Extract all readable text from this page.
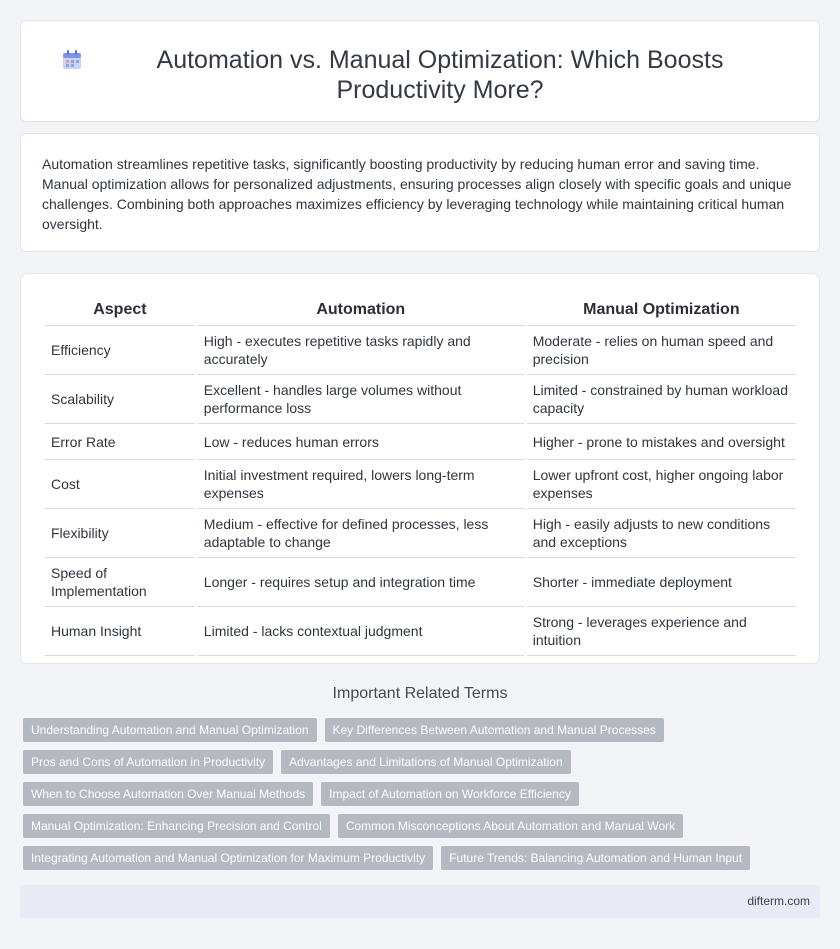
Automation vs. Manual Optimization: Which Boosts Productivity More?
Automation streamlines repetitive tasks, significantly boosting productivity by reducing human error and saving time. Manual optimization allows for personalized adjustments, ensuring processes align closely with specific goals and unique challenges. Combining both approaches maximizes efficiency by leveraging technology while maintaining critical human oversight.
Aspect	Automation	Manual Optimization
Efficiency	High - executes repetitive tasks rapidly and accurately	Moderate - relies on human speed and precision
Scalability	Excellent - handles large volumes without performance loss	Limited - constrained by human workload capacity
Error Rate	Low - reduces human errors	Higher - prone to mistakes and oversight
Cost	Initial investment required, lowers long-term expenses	Lower upfront cost, higher ongoing labor expenses
Flexibility	Medium - effective for defined processes, less adaptable to change	High - easily adjusts to new conditions and exceptions
Speed of Implementation	Longer - requires setup and integration time	Shorter - immediate deployment
Human Insight	Limited - lacks contextual judgment	Strong - leverages experience and intuition
Important Related Terms
Understanding Automation and Manual Optimization	Key Differences Between Automation and Manual Processes
Pros and Cons of Automation in Productivity	Advantages and Limitations of Manual Optimization
When to Choose Automation Over Manual Methods	Impact of Automation on Workforce Efficiency
Manual Optimization: Enhancing Precision and Control	Common Misconceptions About Automation and Manual Work
Integrating Automation and Manual Optimization for Maximum Productivity	Future Trends: Balancing Automation and Human Input
difterm.com
